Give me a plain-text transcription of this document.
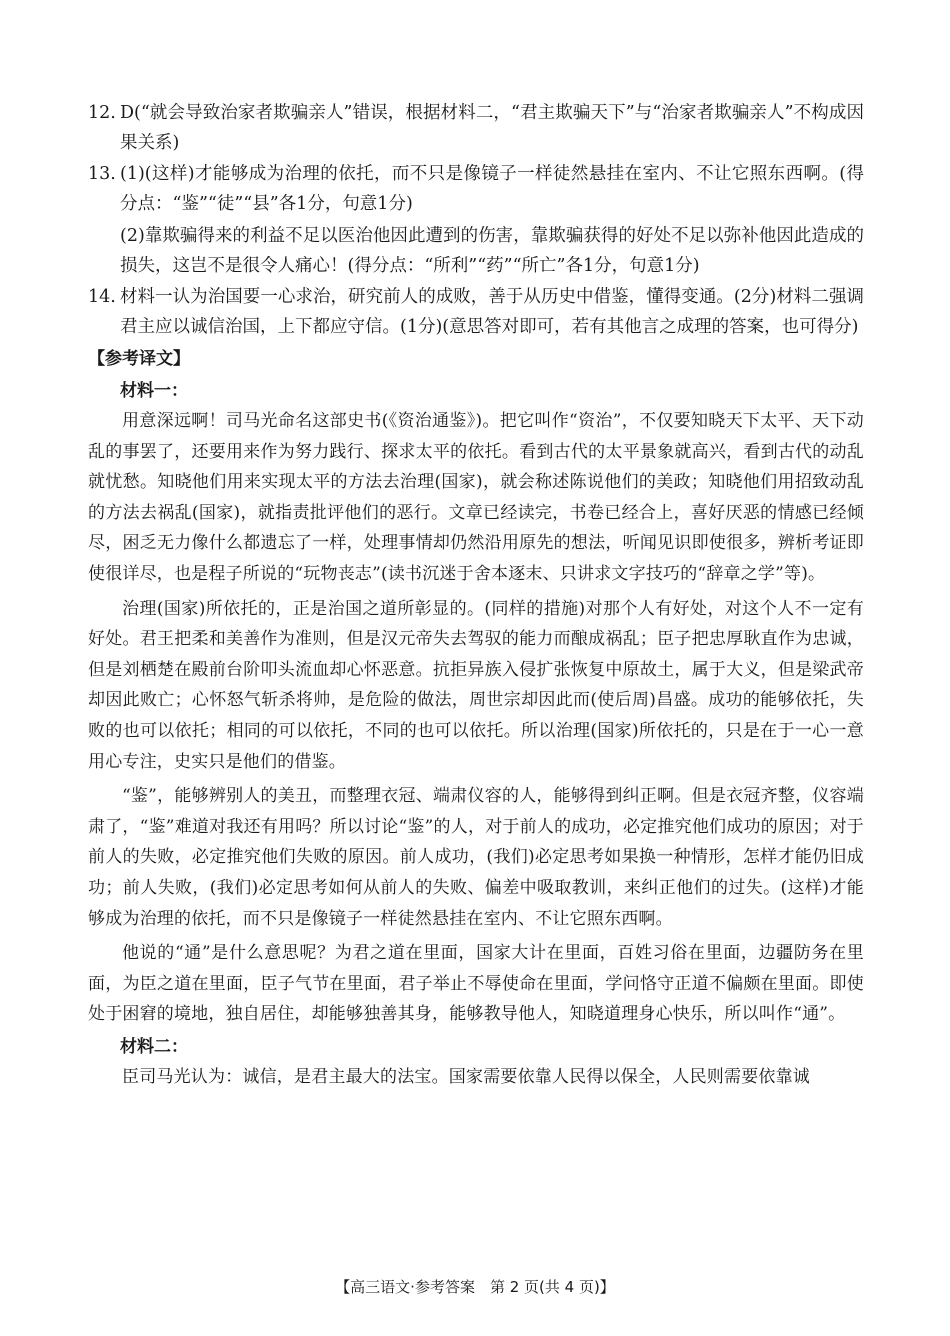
12. D(“就会导致治家者欺骗亲人”错误，根据材料二，“君主欺骗天下”与“治家者欺骗亲人”不构成因果关系)
13. (1)(这样)才能够成为治理的依托，而不只是像镜子一样徒然悬挂在室内、不让它照东西啊。(得分点：“鉴”“徒”“县”各1分，句意1分)
(2)靠欺骗得来的利益不足以医治他因此遭到的伤害，靠欺骗获得的好处不足以弥补他因此造成的损失，这岂不是很令人痛心！(得分点：“所利”“药”“所亡”各1分，句意1分)
14. 材料一认为治国要一心求治，研究前人的成败，善于从历史中借鉴，懂得变通。(2分)材料二强调君主应以诚信治国，上下都应守信。(1分)(意思答对即可，若有其他言之成理的答案，也可得分)
【参考译文】
材料一：

用意深远啊！司马光命名这部史书(《资治通鉴》)。把它叫作“资治”，不仅要知晓天下太平、天下动乱的事罢了，还要用来作为努力践行、探求太平的依托。看到古代的太平景象就高兴，看到古代的动乱就忧愁。知晓他们用来实现太平的方法去治理(国家)，就会称述陈说他们的美政；知晓他们用招致动乱的方法去祸乱(国家)，就指责批评他们的恶行。文章已经读完，书卷已经合上，喜好厌恶的情感已经倾尽，困乏无力像什么都遗忘了一样，处理事情却仍然沿用原先的想法，听闻见识即使很多，辨析考证即使很详尽，也是程子所说的“玩物丧志”(读书沉迷于舍本逐末、只讲求文字技巧的“辞章之学”等)。

治理(国家)所依托的，正是治国之道所彰显的。(同样的措施)对那个人有好处，对这个人不一定有好处。君王把柔和美善作为准则，但是汉元帝失去驾驭的能力而酿成祸乱；臣子把忠厚耿直作为忠诚，但是刘栖楚在殿前台阶叩头流血却心怀恶意。抗拒异族入侵扩张恢复中原故土，属于大义，但是梁武帝却因此败亡；心怀怒气斩杀将帅，是危险的做法，周世宗却因此而(使后周)昌盛。成功的能够依托，失败的也可以依托；相同的可以依托，不同的也可以依托。所以治理(国家)所依托的，只是在于一心一意用心专注，史实只是他们的借鉴。

“鉴”，能够辨别人的美丑，而整理衣冠、端肃仪容的人，能够得到纠正啊。但是衣冠齐整，仪容端肃了，“鉴”难道对我还有用吗？所以讨论“鉴”的人，对于前人的成功，必定推究他们成功的原因；对于前人的失败，必定推究他们失败的原因。前人成功，(我们)必定思考如果换一种情形，怎样才能仍旧成功；前人失败，(我们)必定思考如何从前人的失败、偏差中吸取教训，来纠正他们的过失。(这样)才能够成为治理的依托，而不只是像镜子一样徒然悬挂在室内、不让它照东西啊。

他说的“通”是什么意思呢？为君之道在里面，国家大计在里面，百姓习俗在里面，边疆防务在里面，为臣之道在里面，臣子气节在里面，君子举止不辱使命在里面，学问恪守正道不偏颇在里面。即使处于困窘的境地，独自居住，却能够独善其身，能够教导他人，知晓道理身心快乐，所以叫作“通”。

材料二：

臣司马光认为：诚信，是君主最大的法宝。国家需要依靠人民得以保全，人民则需要依靠诚

【高三语文·参考答案　第 2 页(共 4 页)】
